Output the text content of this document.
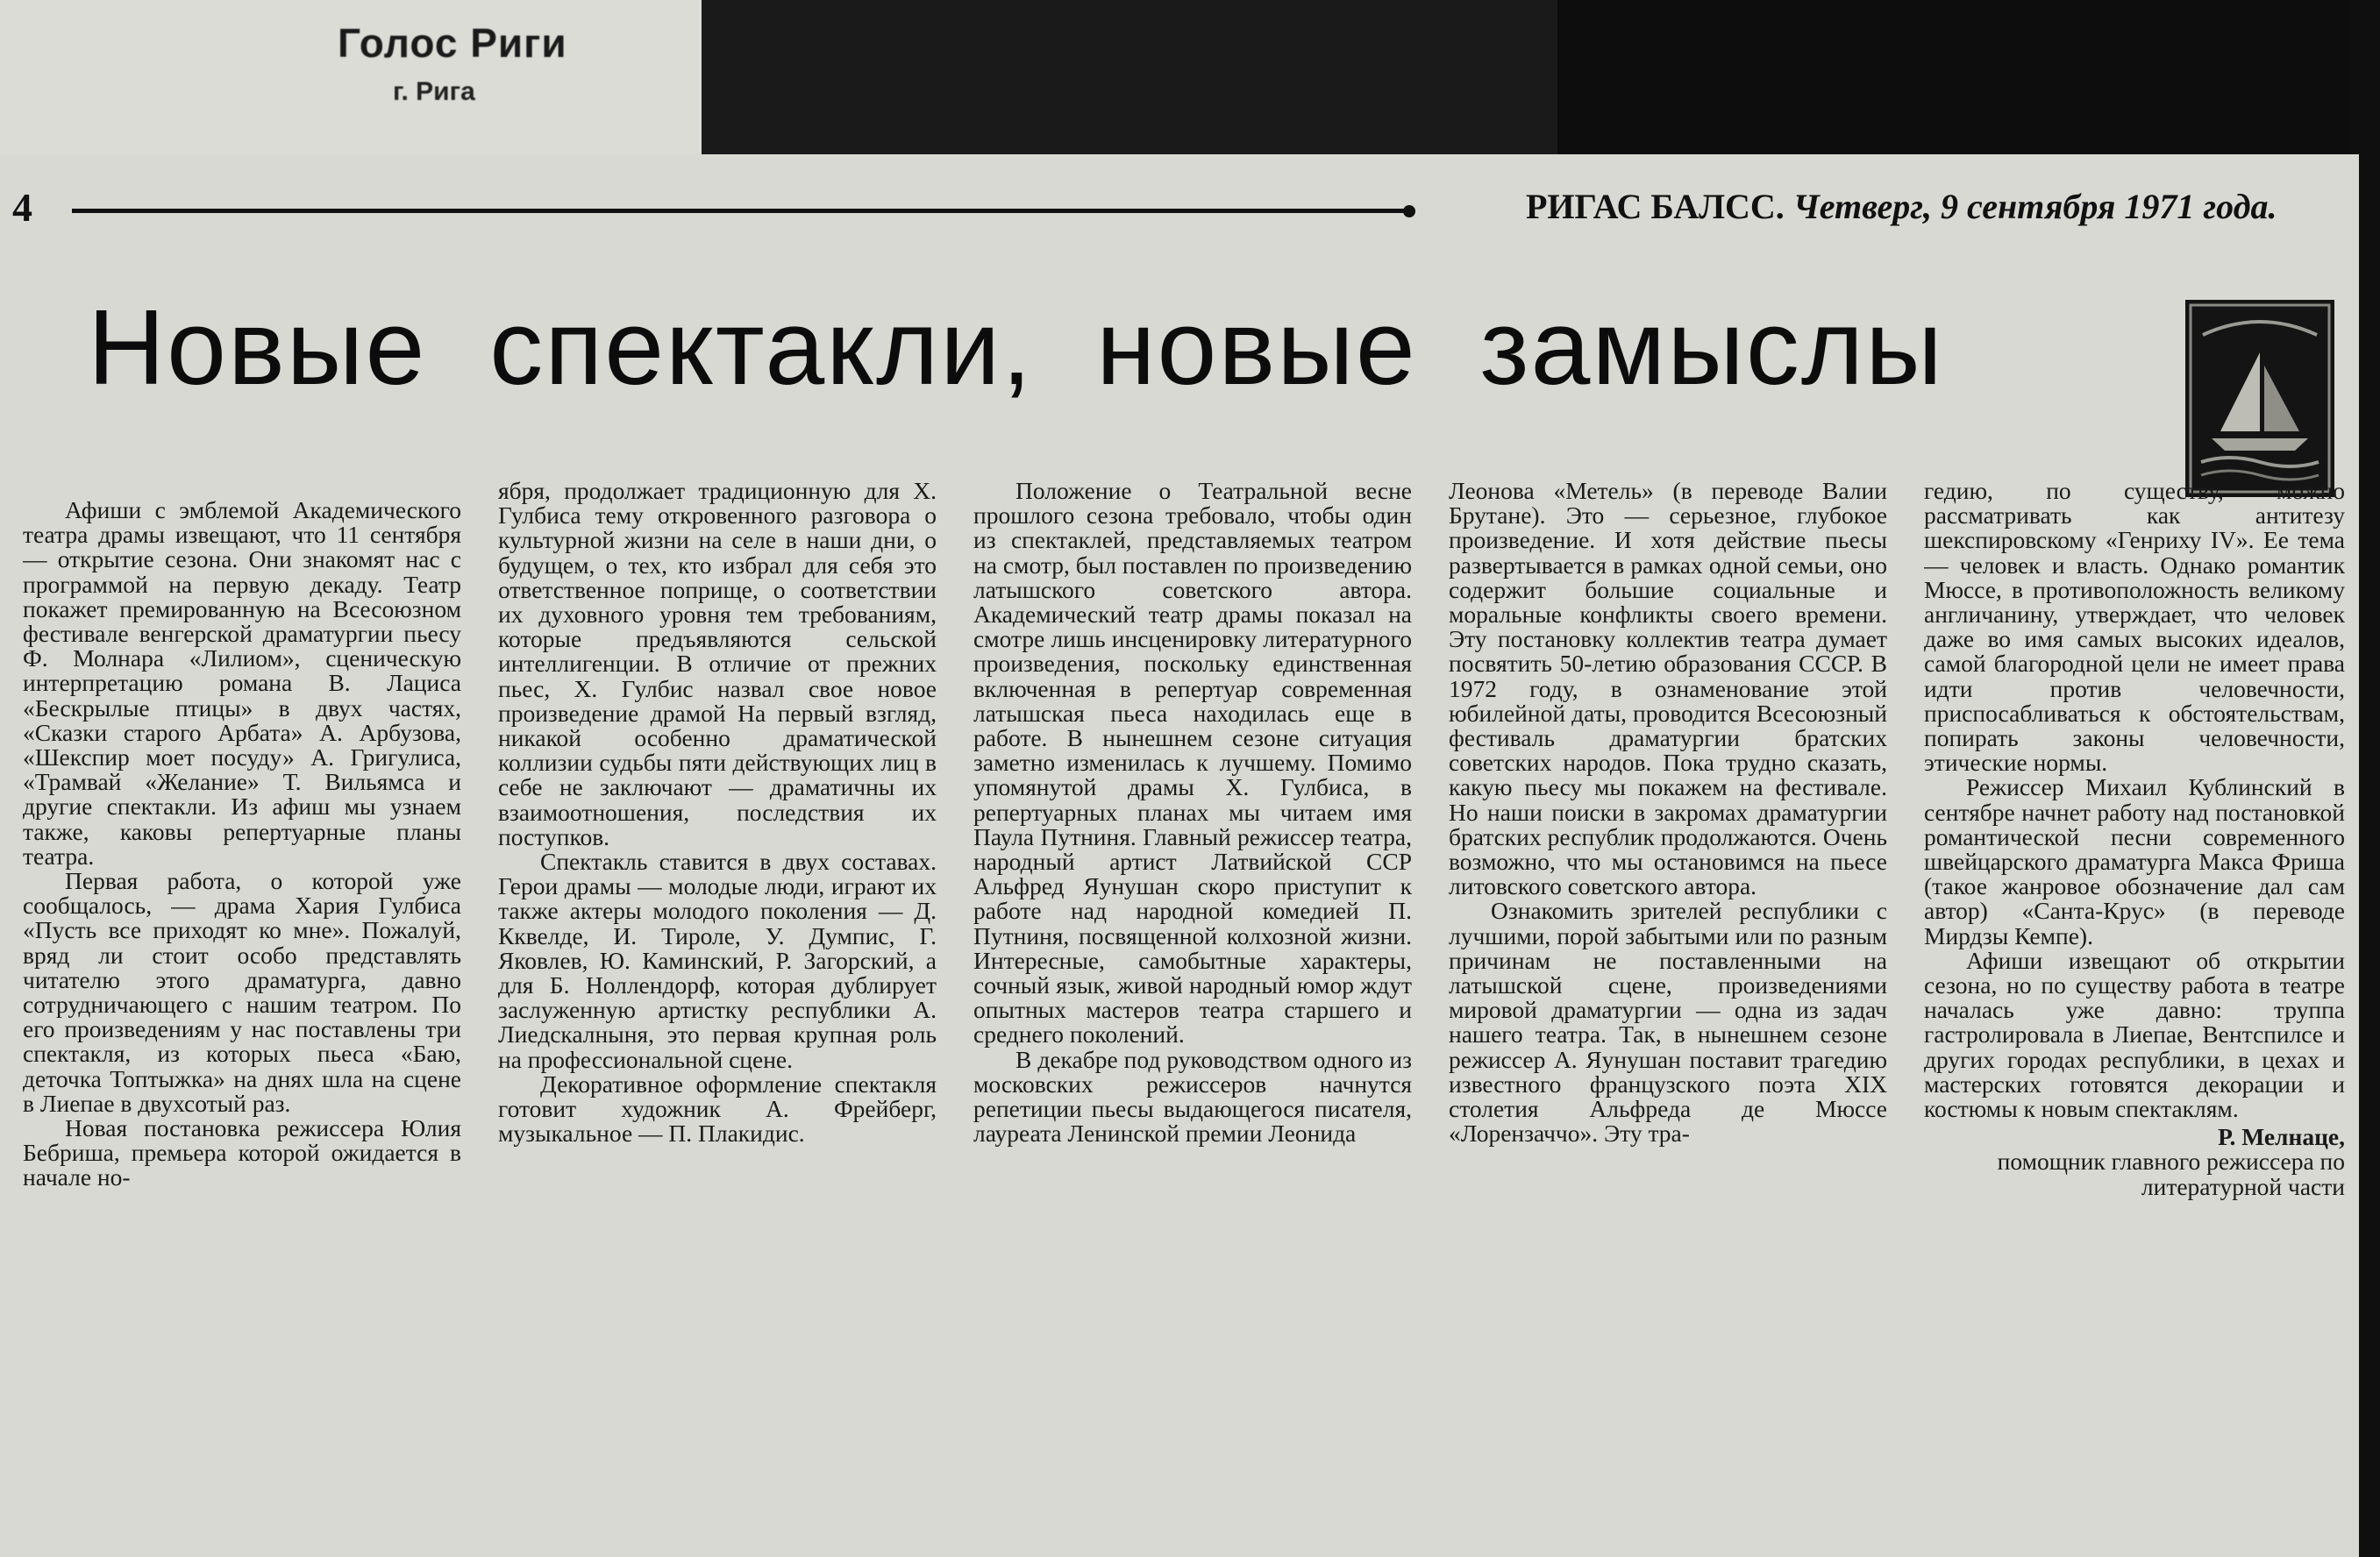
Голос Риги
г. Рига
4	РИГАС БАЛСС. Четверг, 9 сентября 1971 года.
Новые спектакли, новые замыслы

Афиши с эмблемой Академического театра драмы извещают, что 11 сентября — открытие сезона. Они знакомят нас с программой на первую декаду. Театр покажет премированную на Всесоюзном фестивале венгерской драматургии пьесу Ф. Молнара «Лилиом», сценическую интерпретацию романа В. Лациса «Бескрылые птицы» в двух частях, «Сказки старого Арбата» А. Арбузова, «Шекспир моет посуду» А. Григулиса, «Трамвай «Желание» Т. Вильямса и другие спектакли. Из афиш мы узнаем также, каковы репертуарные планы театра.

Первая работа, о которой уже сообщалось, — драма Хария Гулбиса «Пусть все приходят ко мне». Пожалуй, вряд ли стоит особо представлять читателю этого драматурга, давно сотрудничающего с нашим театром. По его произведениям у нас поставлены три спектакля, из которых пьеса «Баю, деточка Топтыжка» на днях шла на сцене в Лиепае в двухсотый раз.

Новая постановка режиссера Юлия Бебриша, премьера которой ожидается в начале но-

ября, продолжает традиционную для Х. Гулбиса тему откровенного разговора о культурной жизни на селе в наши дни, о будущем, о тех, кто избрал для себя это ответственное поприще, о соответствии их духовного уровня тем требованиям, которые предъявляются сельской интеллигенции. В отличие от прежних пьес, Х. Гулбис назвал свое новое произведение драмой На первый взгляд, никакой особенно драматической коллизии судьбы пяти действующих лиц в себе не заключают — драматичны их взаимоотношения, последствия их поступков.

Спектакль ставится в двух составах. Герои драмы — молодые люди, играют их также актеры молодого поколения — Д. Кквелде, И. Тироле, У. Думпис, Г. Яковлев, Ю. Каминский, Р. Загорский, а для Б. Ноллендорф, которая дублирует заслуженную артистку республики А. Лиедскалныня, это первая крупная роль на профессиональной сцене.

Декоративное оформление спектакля готовит художник А. Фрейберг, музыкальное — П. Плакидис.

Положение о Театральной весне прошлого сезона требовало, чтобы один из спектаклей, представляемых театром на смотр, был поставлен по произведению латышского советского автора. Академический театр драмы показал на смотре лишь инсценировку литературного произведения, поскольку единственная включенная в репертуар современная латышская пьеса находилась еще в работе. В нынешнем сезоне ситуация заметно изменилась к лучшему. Помимо упомянутой драмы Х. Гулбиса, в репертуарных планах мы читаем имя Паула Путниня. Главный режиссер театра, народный артист Латвийской ССР Альфред Яунушан скоро приступит к работе над народной комедией П. Путниня, посвященной колхозной жизни. Интересные, самобытные характеры, сочный язык, живой народный юмор ждут опытных мастеров театра старшего и среднего поколений.

В декабре под руководством одного из московских режиссеров начнутся репетиции пьесы выдающегося писателя, лауреата Ленинской премии Леонида

Леонова «Метель» (в переводе Валии Брутане). Это — серьезное, глубокое произведение. И хотя действие пьесы развертывается в рамках одной семьи, оно содержит большие социальные и моральные конфликты своего времени. Эту постановку коллектив театра думает посвятить 50-летию образования СССР. В 1972 году, в ознаменование этой юбилейной даты, проводится Всесоюзный фестиваль драматургии братских советских народов. Пока трудно сказать, какую пьесу мы покажем на фестивале. Но наши поиски в закромах драматургии братских республик продолжаются. Очень возможно, что мы остановимся на пьесе литовского советского автора.

Ознакомить зрителей республики с лучшими, порой забытыми или по разным причинам не поставленными на латышской сцене, произведениями мировой драматургии — одна из задач нашего театра. Так, в нынешнем сезоне режиссер А. Яунушан поставит трагедию известного французского поэта XIX столетия Альфреда де Мюссе «Лорензаччо». Эту тра-

гедию, по существу, можно рассматривать как антитезу шекспировскому «Генриху IV». Ее тема — человек и власть. Однако романтик Мюссе, в противоположность великому англичанину, утверждает, что человек даже во имя самых высоких идеалов, самой благородной цели не имеет права идти против человечности, приспосабливаться к обстоятельствам, попирать законы человечности, этические нормы.

Режиссер Михаил Кублинский в сентябре начнет работу над постановкой романтической песни современного швейцарского драматурга Макса Фриша (такое жанровое обозначение дал сам автор) «Санта-Крус» (в переводе Мирдзы Кемпе).

Афиши извещают об открытии сезона, но по существу работа в театре началась уже давно: труппа гастролировала в Лиепае, Вентспилсе и других городах республики, в цехах и мастерских готовятся декорации и костюмы к новым спектаклям.

Р. Мелнаце,

помощник главного режиссера по литературной части
